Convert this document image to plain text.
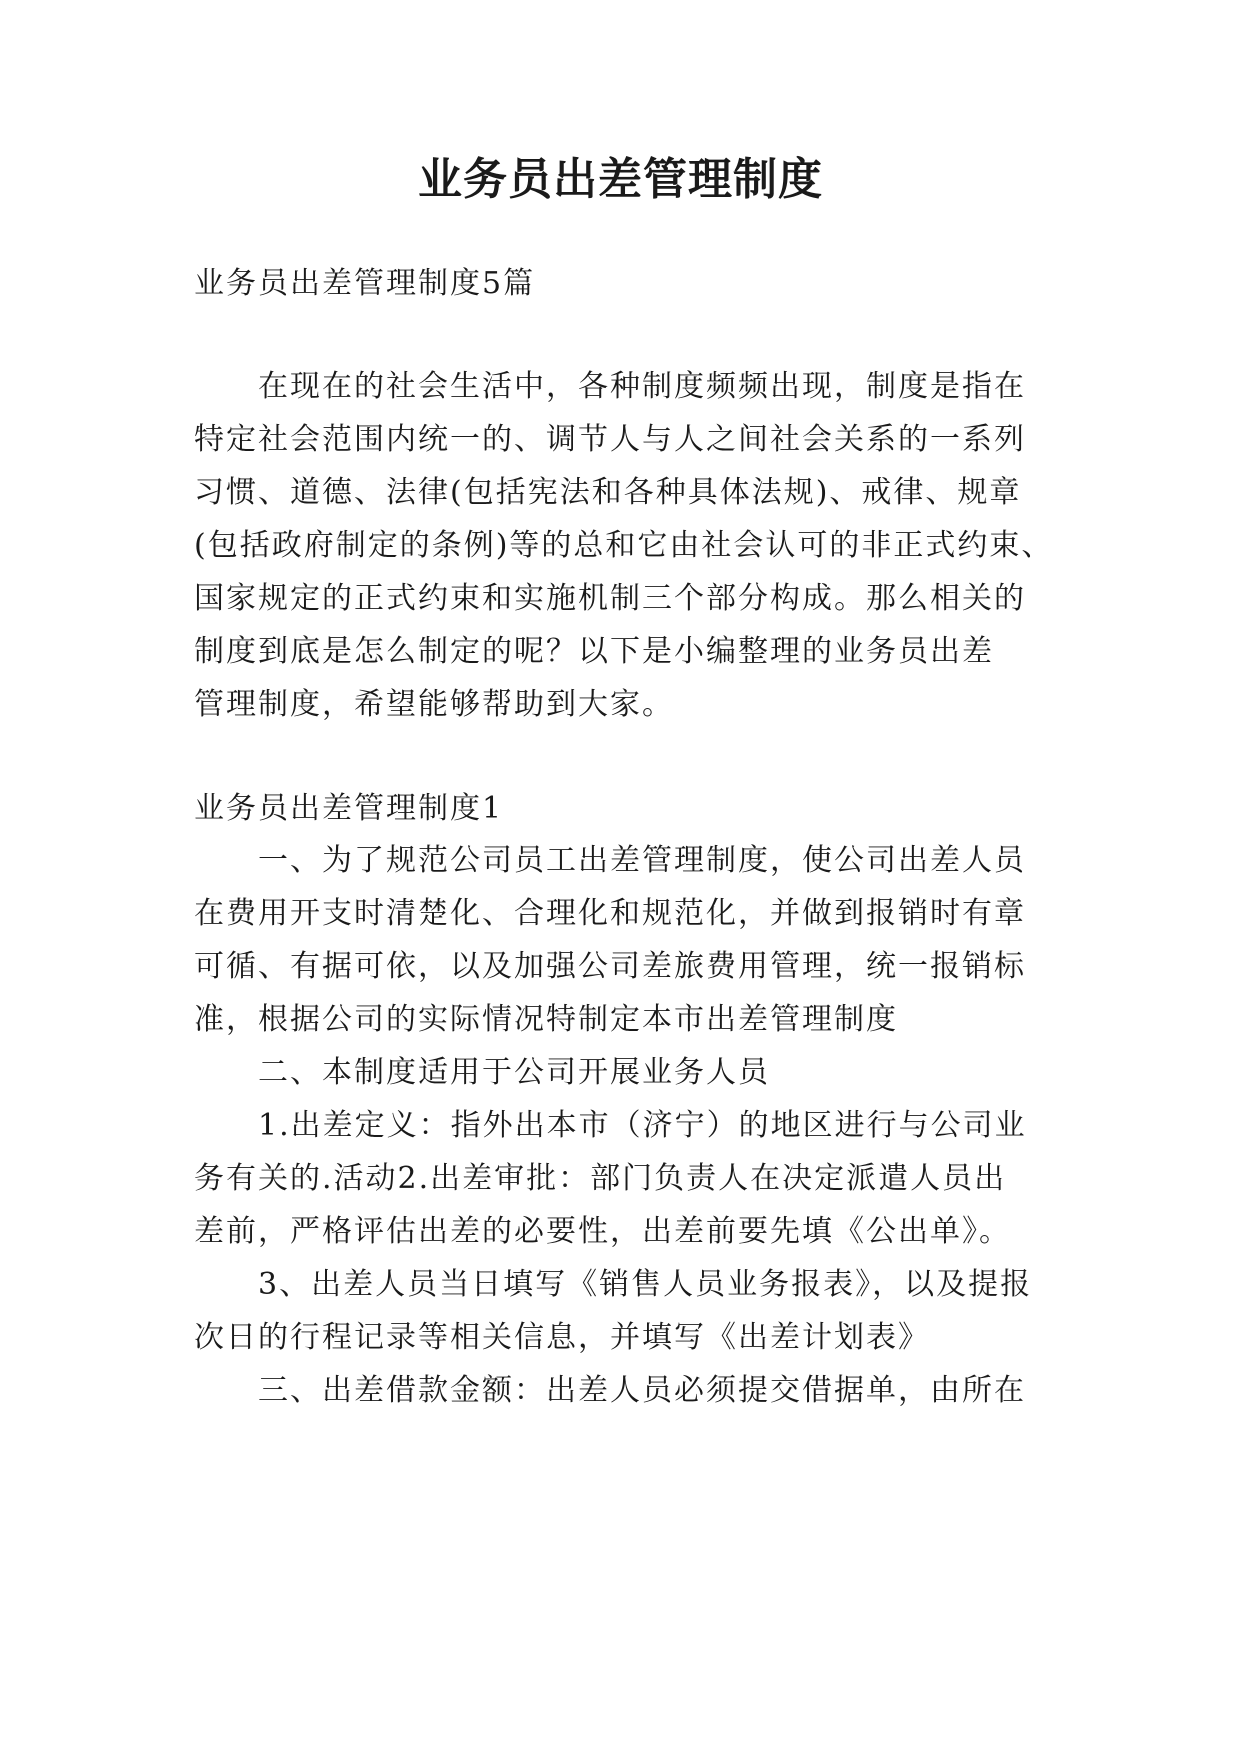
业务员出差管理制度

业务员出差管理制度5篇

在现在的社会生活中，各种制度频频出现，制度是指在

特定社会范围内统一的、调节人与人之间社会关系的一系列

习惯、道德、法律(包括宪法和各种具体法规)、戒律、规章

(包括政府制定的条例)等的总和它由社会认可的非正式约束、

国家规定的正式约束和实施机制三个部分构成。那么相关的

制度到底是怎么制定的呢？以下是小编整理的业务员出差

管理制度，希望能够帮助到大家。

业务员出差管理制度1

一、为了规范公司员工出差管理制度，使公司出差人员

在费用开支时清楚化、合理化和规范化，并做到报销时有章

可循、有据可依，以及加强公司差旅费用管理，统一报销标

准，根据公司的实际情况特制定本市出差管理制度

二、本制度适用于公司开展业务人员

1.出差定义：指外出本市（济宁）的地区进行与公司业

务有关的.活动2.出差审批：部门负责人在决定派遣人员出

差前，严格评估出差的必要性，出差前要先填《公出单》。

3、出差人员当日填写《销售人员业务报表》，以及提报

次日的行程记录等相关信息，并填写《出差计划表》

三、出差借款金额：出差人员必须提交借据单，由所在
